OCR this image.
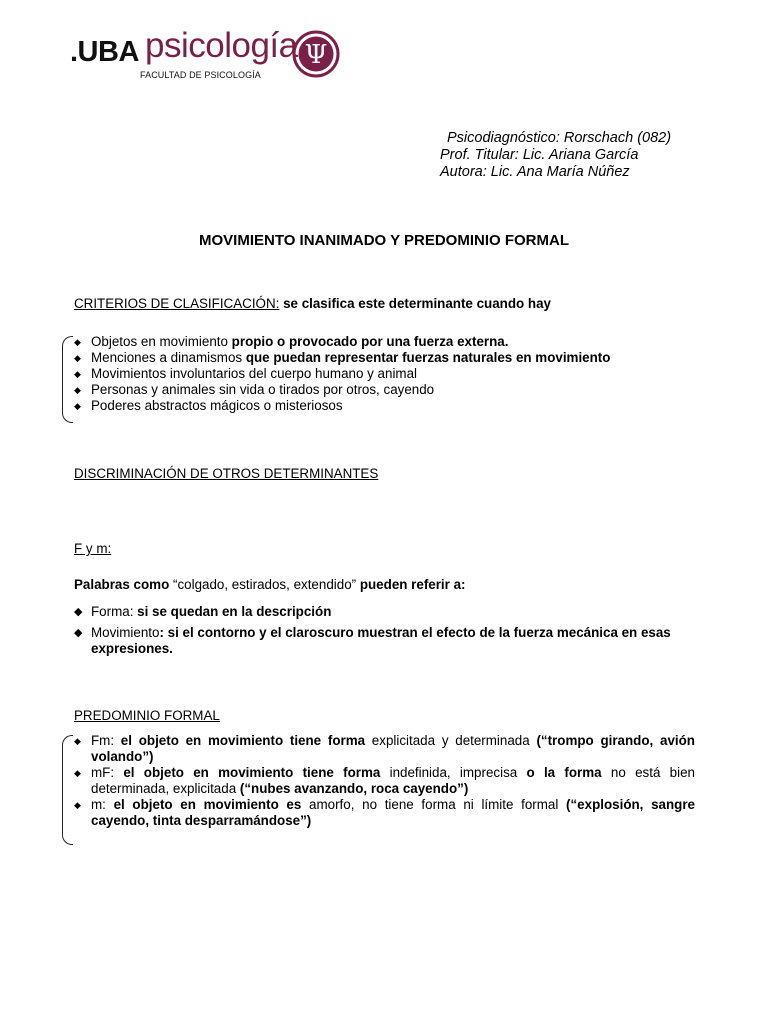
.UBA psicología
FACULTAD DE PSICOLOGÍA
Ψ
Psicodiagnóstico: Rorschach (082)
Prof. Titular: Lic. Ariana García
Autora: Lic. Ana María Núñez
MOVIMIENTO INANIMADO Y PREDOMINIO FORMAL
CRITERIOS DE CLASIFICACIÓN: se clasifica este determinante cuando hay
◆ Objetos en movimiento propio o provocado por una fuerza externa.
◆ Menciones a dinamismos que puedan representar fuerzas naturales en movimiento
◆ Movimientos involuntarios del cuerpo humano y animal
◆ Personas y animales sin vida o tirados por otros, cayendo
◆ Poderes abstractos mágicos o misteriosos
DISCRIMINACIÓN DE OTROS DETERMINANTES
F y m:
Palabras como “colgado, estirados, extendido” pueden referir a:
◆ Forma: si se quedan en la descripción
◆ Movimiento: si el contorno y el claroscuro muestran el efecto de la fuerza mecánica en esas expresiones.
PREDOMINIO FORMAL
◆ Fm: el objeto en movimiento tiene forma explicitada y determinada (“trompo girando, avión volando”)
◆ mF: el objeto en movimiento tiene forma indefinida, imprecisa o la forma no está bien determinada, explicitada (“nubes avanzando, roca cayendo”)
◆ m: el objeto en movimiento es amorfo, no tiene forma ni límite formal (“explosión, sangre cayendo, tinta desparramándose”)
